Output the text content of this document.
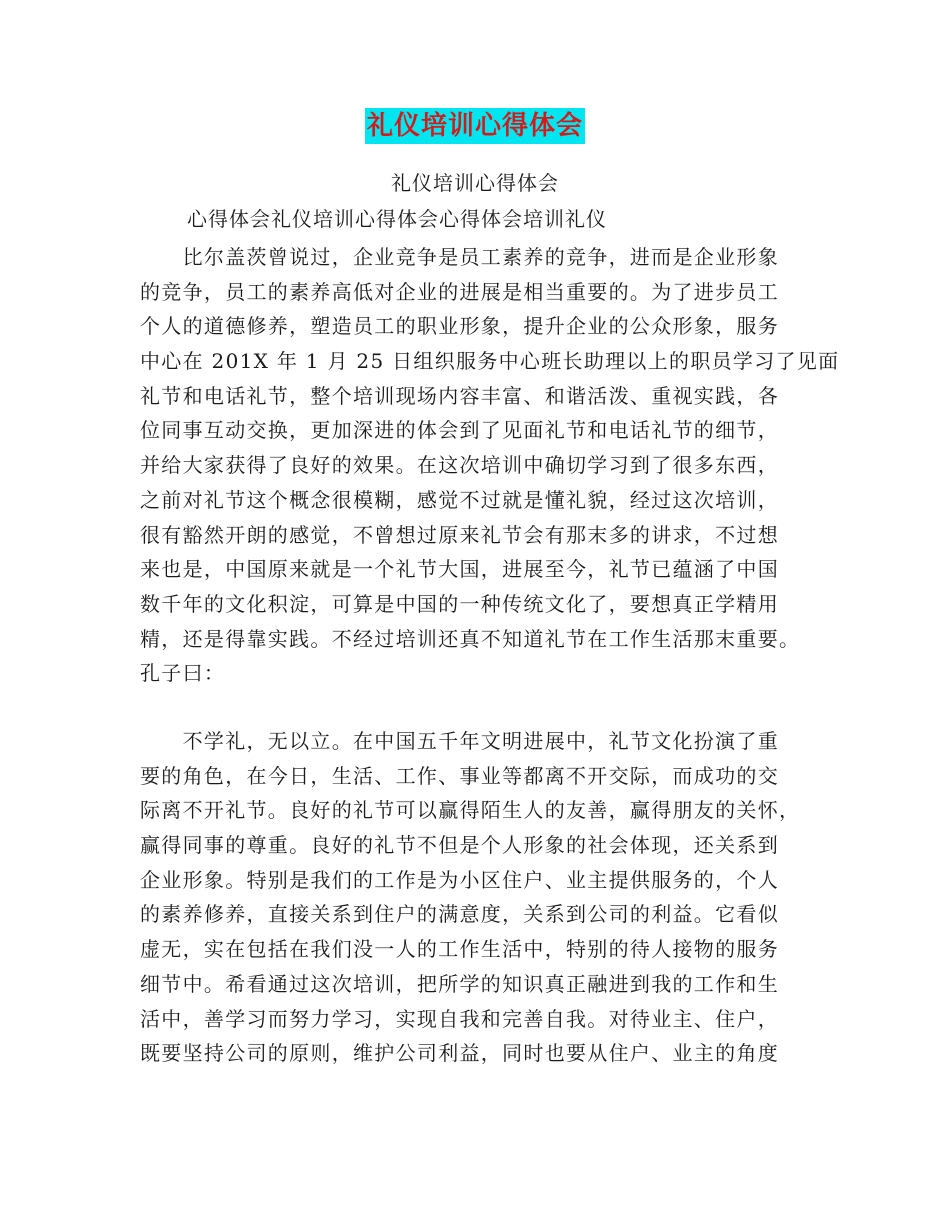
礼仪培训心得体会
礼仪培训心得体会
心得体会礼仪培训心得体会心得体会培训礼仪
　　比尔盖茨曾说过，企业竞争是员工素养的竞争，进而是企业形象
的竞争，员工的素养高低对企业的进展是相当重要的。为了进步员工
个人的道德修养，塑造员工的职业形象，提升企业的公众形象，服务
中心在 201X 年 1 月 25 日组织服务中心班长助理以上的职员学习了见面
礼节和电话礼节，整个培训现场内容丰富、和谐活泼、重视实践，各
位同事互动交换，更加深进的体会到了见面礼节和电话礼节的细节，
并给大家获得了良好的效果。在这次培训中确切学习到了很多东西，
之前对礼节这个概念很模糊，感觉不过就是懂礼貌，经过这次培训，
很有豁然开朗的感觉，不曾想过原来礼节会有那末多的讲求，不过想
来也是，中国原来就是一个礼节大国，进展至今，礼节已蕴涵了中国
数千年的文化积淀，可算是中国的一种传统文化了，要想真正学精用
精，还是得靠实践。不经过培训还真不知道礼节在工作生活那末重要。
孔子曰：
　　不学礼，无以立。在中国五千年文明进展中，礼节文化扮演了重
要的角色，在今日，生活、工作、事业等都离不开交际，而成功的交
际离不开礼节。良好的礼节可以赢得陌生人的友善，赢得朋友的关怀，
赢得同事的尊重。良好的礼节不但是个人形象的社会体现，还关系到
企业形象。特别是我们的工作是为小区住户、业主提供服务的，个人
的素养修养，直接关系到住户的满意度，关系到公司的利益。它看似
虚无，实在包括在我们没一人的工作生活中，特别的待人接物的服务
细节中。希看通过这次培训，把所学的知识真正融进到我的工作和生
活中，善学习而努力学习，实现自我和完善自我。对待业主、住户，
既要坚持公司的原则，维护公司利益，同时也要从住户、业主的角度
